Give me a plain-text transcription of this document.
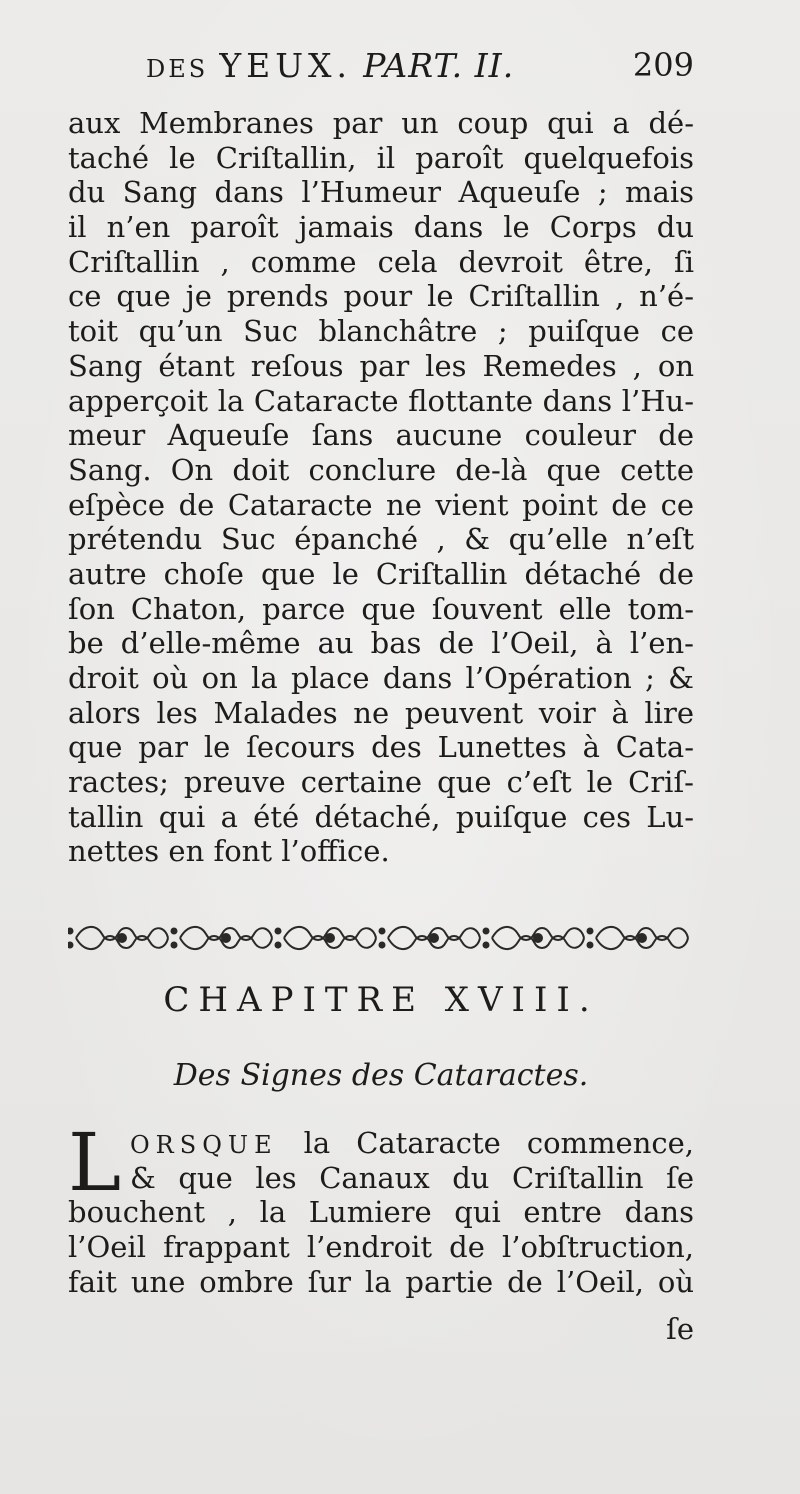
DES YEUX. PART. II.	209
aux Membranes par un coup qui a dé-
taché le Criſtallin, il paroît quelquefois
du Sang dans l’Humeur Aqueuſe ; mais
il n’en paroît jamais dans le Corps du
Criſtallin , comme cela devroit être, ſi
ce que je prends pour le Criſtallin , n’é-
toit qu’un Suc blanchâtre ; puiſque ce
Sang étant reſous par les Remedes , on
apperçoit la Cataracte flottante dans l’Hu-
meur Aqueuſe ſans aucune couleur de
Sang. On doit conclure de-là que cette
eſpèce de Cataracte ne vient point de ce
prétendu Suc épanché , & qu’elle n’eſt
autre choſe que le Criſtallin détaché de
ſon Chaton, parce que ſouvent elle tom-
be d’elle-même au bas de l’Oeil, à l’en-
droit où on la place dans l’Opération ; &
alors les Malades ne peuvent voir à lire
que par le ſecours des Lunettes à Cata-
ractes; preuve certaine que c’eſt le Criſ-
tallin qui a été détaché, puiſque ces Lu-
nettes en font l’office.
CHAPITRE XVIII.
Des Signes des Cataractes.
L ORSQUE la Cataracte commence,
& que les Canaux du Criſtallin ſe
bouchent , la Lumiere qui entre dans
l’Oeil frappant l’endroit de l’obſtruction,
fait une ombre ſur la partie de l’Oeil, où
ſe
